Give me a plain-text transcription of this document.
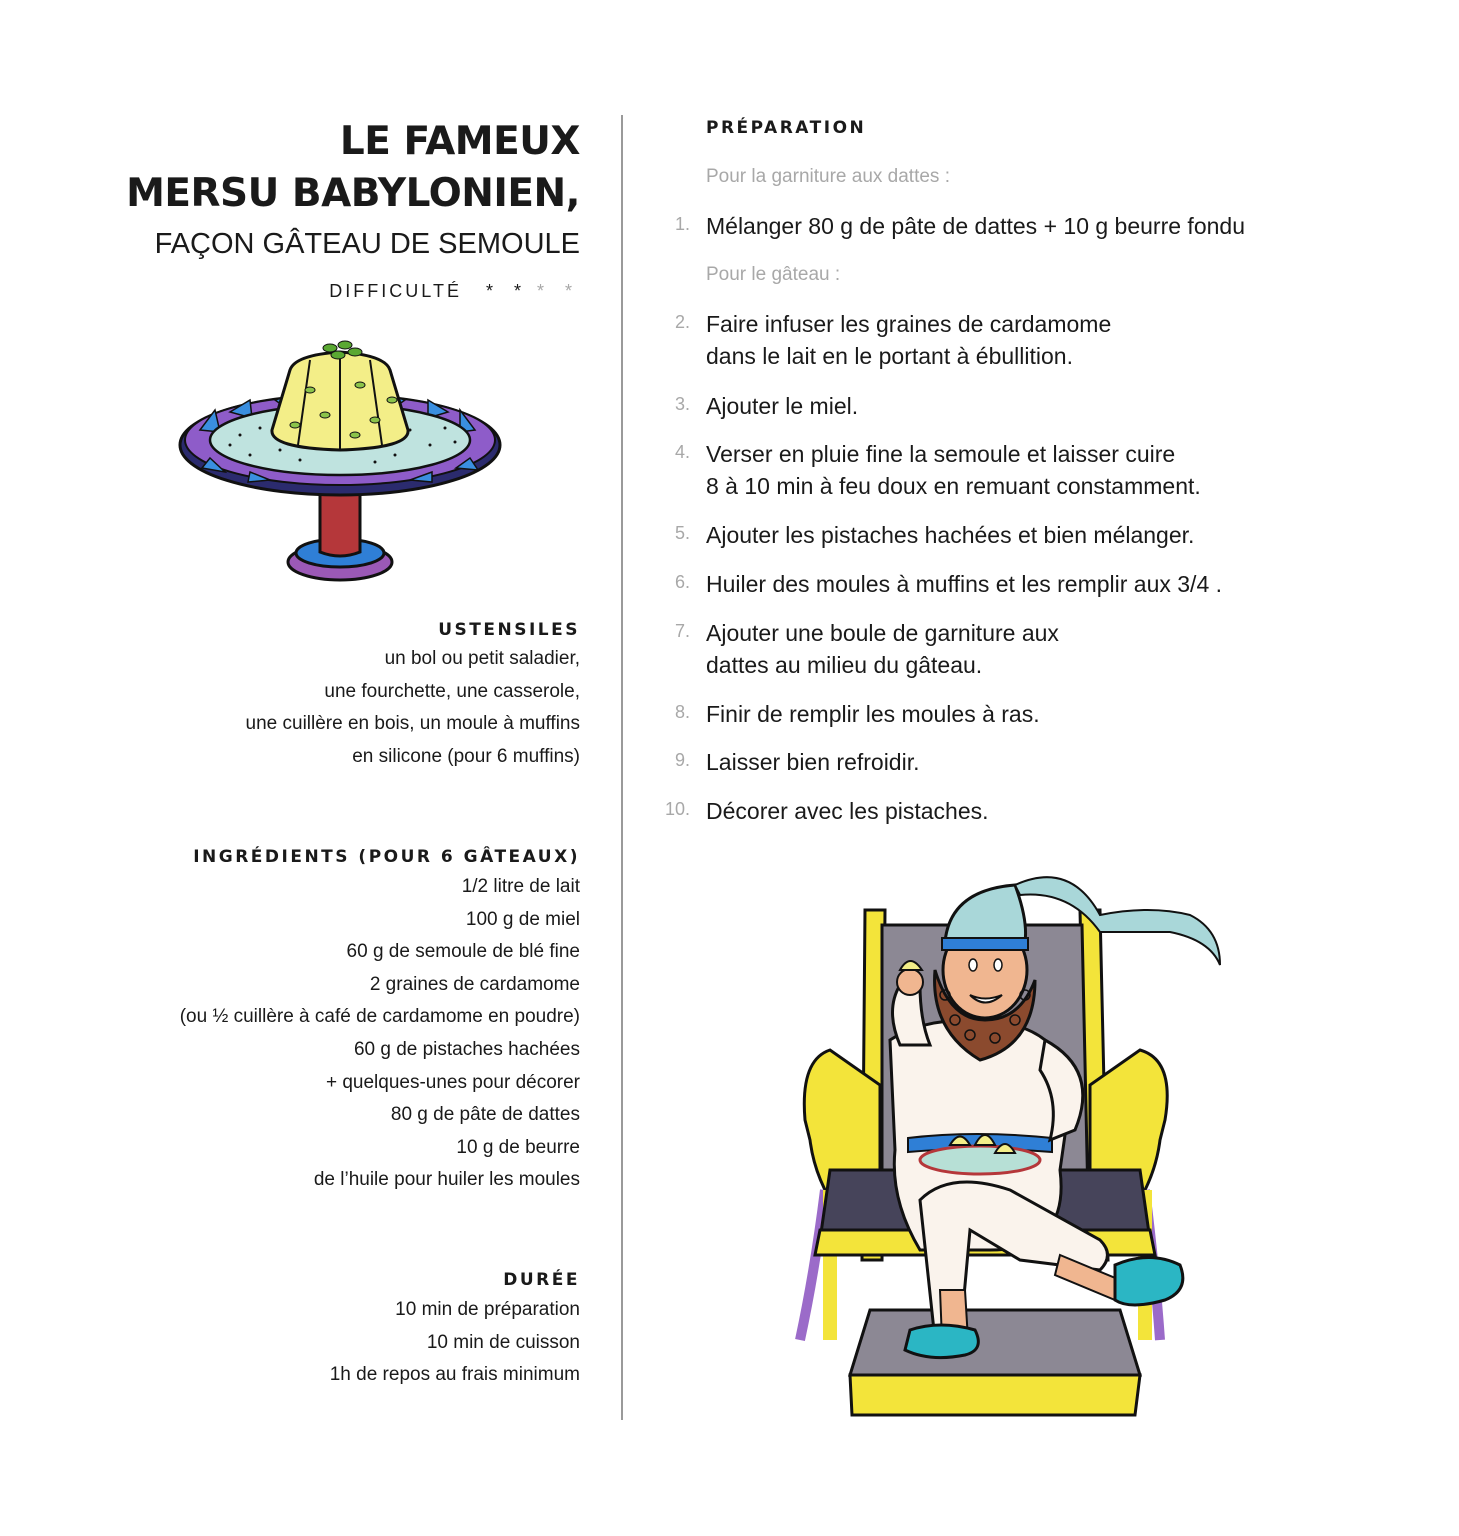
LE FAMEUX
MERSU BABYLONIEN,
FAÇON GÂTEAU DE SEMOULE
DIFFICULTÉ * * * *
USTENSILES
un bol ou petit saladier,
une fourchette, une casserole,
une cuillère en bois, un moule à muffins
en silicone (pour 6 muffins)
INGRÉDIENTS (POUR 6 GÂTEAUX)
1/2 litre de lait
100 g de miel
60 g de semoule de blé fine
2 graines de cardamome
(ou ½ cuillère à café de cardamome en poudre)
60 g de pistaches hachées
+ quelques-unes pour décorer
80 g de pâte de dattes
10 g de beurre
de l’huile pour huiler les moules
DURÉE
10 min de préparation
10 min de cuisson
1h de repos au frais minimum
PRÉPARATION
Pour la garniture aux dattes :
1. Mélanger 80 g de pâte de dattes + 10 g beurre fondu
Pour le gâteau :
2. Faire infuser les graines de cardamome
dans le lait en le portant à ébullition.
3. Ajouter le miel.
4. Verser en pluie fine la semoule et laisser cuire
8 à 10 min à feu doux en remuant constamment.
5. Ajouter les pistaches hachées et bien mélanger.
6. Huiler des moules à muffins et les remplir aux 3/4 .
7. Ajouter une boule de garniture aux
dattes au milieu du gâteau.
8. Finir de remplir les moules à ras.
9. Laisser bien refroidir.
10. Décorer avec les pistaches.
